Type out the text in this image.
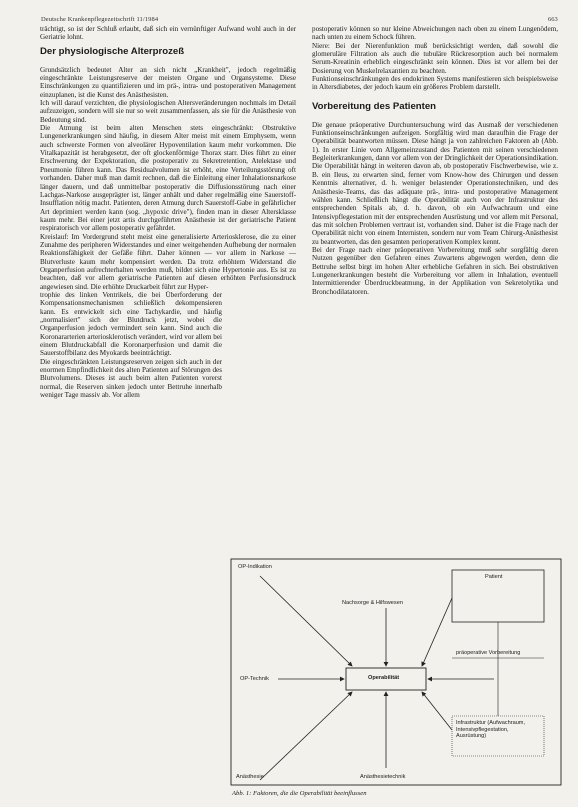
Deutsche Krankenpflegezeitschrift 11/1984	663

trächtigt, so ist der Schluß erlaubt, daß sich ein vernünftiger Aufwand wohl auch in der Geriatrie lohnt.

Der physiologische Alterprozeß

Grundsätzlich bedeutet Alter an sich nicht „Krankheit", jedoch regelmäßig eingeschränkte Leistungsreserve der meisten Organe und Organsysteme. Diese Einschränkungen zu quantifizieren und im prä-, intra- und postoperativen Management einzuplanen, ist die Kunst des Anästhesisten.

Ich will darauf verzichten, die physiologischen Altersveränderungen nochmals im Detail aufzuzeigen, sondern will sie nur so weit zusammenfassen, als sie für die Anästhesie von Bedeutung sind.

Die Atmung ist beim alten Menschen stets eingeschränkt: Obstruktive Lungenerkrankungen sind häufig, in diesem Alter meist mit einem Emphysem, wenn auch schwerste Formen von alveolärer Hypoventilation kaum mehr vorkommen. Die Vitalkapazität ist herabgesetzt, der oft glockenförmige Thorax starr. Dies führt zu einer Erschwerung der Expektoration, die postoperativ zu Sekretretention, Atelektase und Pneumonie führen kann. Das Residualvolumen ist erhöht, eine Verteilungsstörung oft vorhanden. Daher muß man damit rechnen, daß die Einleitung einer Inhalationsnarkose länger dauern, und daß unmittelbar postoperativ die Diffusionsstörung nach einer Lachgas-Narkose ausgeprägter ist, länger anhält und daher regelmäßig eine Sauerstoff-Insufflation nötig macht. Patienten, deren Atmung durch Sauerstoff-Gabe in gefährlicher Art deprimiert werden kann (sog. „hypoxic drive"), finden man in dieser Altersklasse kaum mehr. Bei einer jetzt artis durchgeführten Anästhesie ist der geriatrische Patient respiratorisch vor allem postoperativ gefährdet.

Kreislauf: Im Vordergrund steht meist eine generalisierte Arteriosklerose, die zu einer Zunahme des peripheren Widerstandes und einer weitgehenden Aufhebung der normalen Reaktionsfähigkeit der Gefäße führt. Daher können — vor allem in Narkose — Blutverluste kaum mehr kompensiert werden. Da trotz erhöhtem Widerstand die Organperfusion aufrechterhalten werden muß, bildet sich eine Hypertonie aus. Es ist zu beachten, daß vor allem geriatrische Patienten auf diesen erhöhten Perfusionsdruck angewiesen sind. Die erhöhte Druckarbeit führt zur Hyper-

trophie des linken Ventrikels, die bei Überforderung der Kompensationsmechanismen schließlich dekompensieren kann. Es entwickelt sich eine Tachykardie, und häufig „normalisiert" sich der Blutdruck jetzt, wobei die Organperfusion jedoch vermindert sein kann. Sind auch die Koronararterien arteriosklerotisch verändert, wird vor allem bei einem Blutdruckabfall die Koronarperfusion und damit die Sauerstoffbilanz des Myokards beeinträchtigt.

Die eingeschränkten Leistungsreserven zeigen sich auch in der enormen Empfindlichkeit des alten Patienten auf Störungen des Blutvolumens. Dieses ist auch beim alten Patienten vorerst normal, die Reserven sinken jedoch unter Bettruhe innerhalb weniger Tage massiv ab. Vor allem

postoperativ können so nur kleine Abweichungen nach oben zu einem Lungenödem, nach unten zu einem Schock führen.

Niere: Bei der Nierenfunktion muß berücksichtigt werden, daß sowohl die glomeruläre Filtration als auch die tubuläre Rückresorption auch bei normalem Serum-Kreatinin erheblich eingeschränkt sein können. Dies ist vor allem bei der Dosierung von Muskelrelaxantien zu beachten.

Funktionseinschränkungen des endokrinen Systems manifestieren sich beispielsweise in Altersdiabetes, der jedoch kaum ein größeres Problem darstellt.

Vorbereitung des Patienten

Die genaue präoperative Durchuntersuchung wird das Ausmaß der verschiedenen Funktionseinschränkungen aufzeigen. Sorgfältig wird man daraufhin die Frage der Operabilität beantworten müssen. Diese hängt ja von zahlreichen Faktoren ab (Abb. 1). In erster Linie vom Allgemeinzustand des Patienten mit seinen verschiedenen Begleiterkrankungen, dann vor allem von der Dringlichkeit der Operationsindikation. Die Operabilität hängt in weiteren davon ab, ob postoperativ Fischwerbewise, wie z. B. ein Ileus, zu erwarten sind, ferner vom Know-how des Chirurgen und dessen Kenntnis alternativer, d. h. weniger belastender Operationstechniken, und des Anästhesie-Teams, das das adäquate prä-, intra- und postoperative Management wählen kann. Schließlich hängt die Operabilität auch von der Infrastruktur des entsprechenden Spitals ab, d. h. davon, ob ein Aufwachraum und eine Intensivpflegestation mit der entsprechenden Ausrüstung und vor allem mit Personal, das mit solchen Problemen vertraut ist, vorhanden sind. Daher ist die Frage nach der Operabilität nicht von einem Internisten, sondern nur vom Team Chirurg-Anästhesist zu beantworten, das den gesamten perioperativen Komplex kennt.

Bei der Frage nach einer präoperativen Vorbereitung muß sehr sorgfältig deren Nutzen gegenüber den Gefahren eines Zuwartens abgewogen werden, denn die Bettruhe selbst birgt im hohen Alter erhebliche Gefahren in sich. Bei obstruktiven Lungenerkrankungen besteht die Vorbereitung vor allem in Inhalation, eventuell Intermittierender Überdruckbeatmung, in der Applikation von Sekretolytika und Bronchodilatatoren.

OP-Indikation
Patient
Nachsorge & Hilfswesen
präoperative Vorbereitung
Operabilität
OP-Technik
Infrastruktur (Aufwachraum, Intensivpflegestation, Ausrüstung)
Anästhesie	Anästhesietechnik
Abb. 1: Faktoren, die die Operabilität beeinflussen
